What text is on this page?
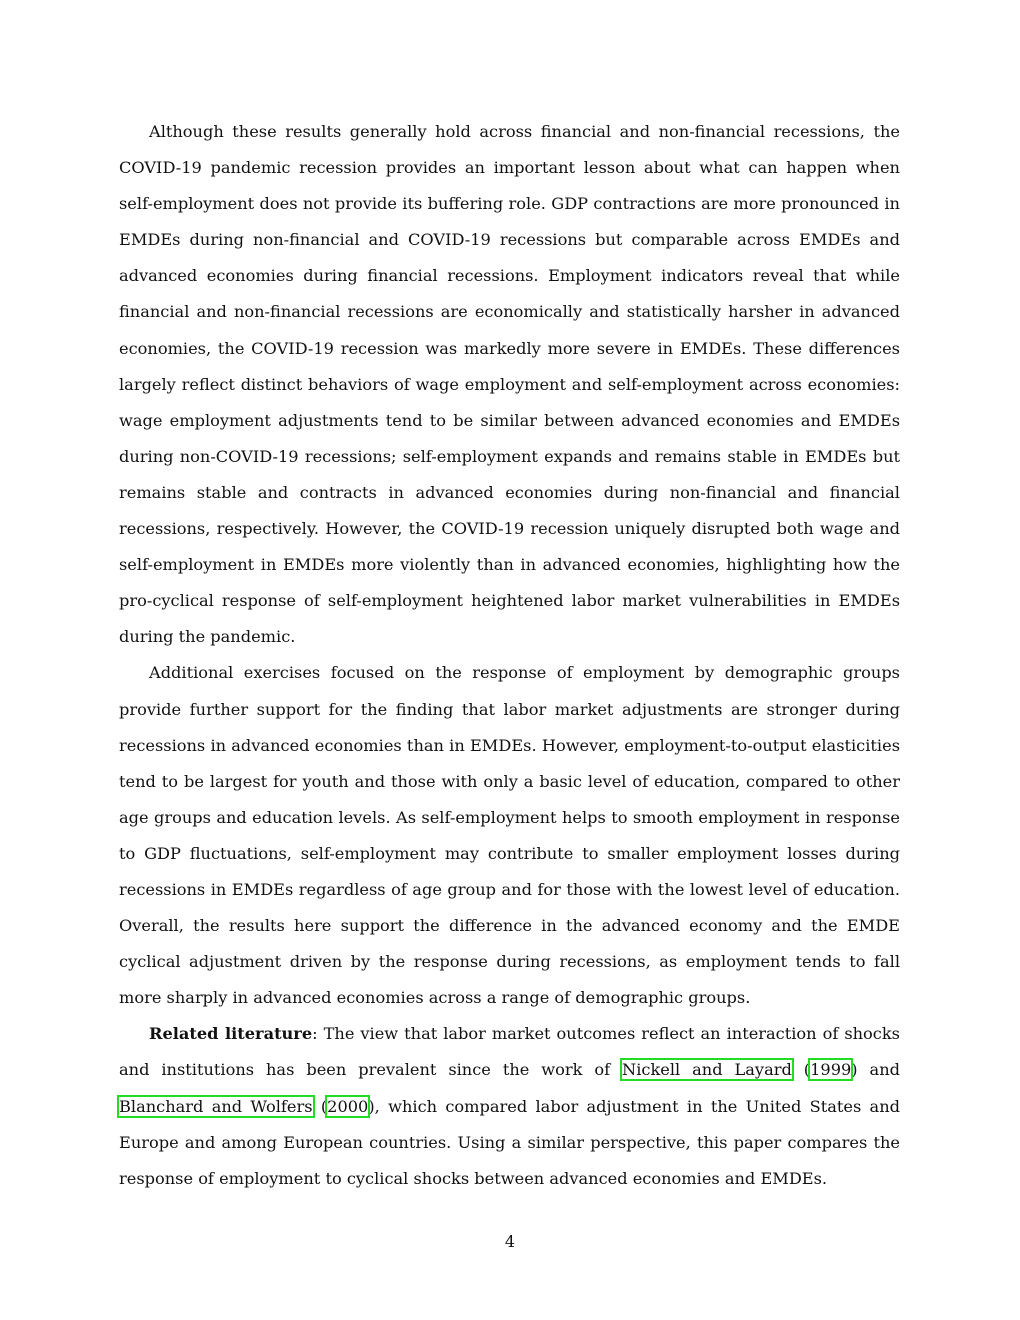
Although these results generally hold across financial and non-financial recessions, the COVID-19 pandemic recession provides an important lesson about what can happen when self-employment does not provide its buffering role. GDP contractions are more pronounced in EMDEs during non-financial and COVID-19 recessions but comparable across EMDEs and advanced economies during financial recessions. Employment indicators reveal that while financial and non-financial recessions are economically and statistically harsher in advanced economies, the COVID-19 recession was markedly more severe in EMDEs. These differences largely reflect distinct behaviors of wage employment and self-employment across economies: wage employment adjustments tend to be similar between advanced economies and EMDEs during non-COVID-19 recessions; self-employment expands and remains stable in EMDEs but remains stable and contracts in advanced economies during non-financial and financial recessions, respectively. However, the COVID-19 recession uniquely disrupted both wage and self-employment in EMDEs more violently than in advanced economies, highlighting how the pro-cyclical response of self-employment heightened labor market vulnerabilities in EMDEs during the pandemic.

Additional exercises focused on the response of employment by demographic groups provide further support for the finding that labor market adjustments are stronger during recessions in advanced economies than in EMDEs. However, employment-to-output elasticities tend to be largest for youth and those with only a basic level of education, compared to other age groups and education levels. As self-employment helps to smooth employment in response to GDP fluctuations, self-employment may contribute to smaller employment losses during recessions in EMDEs regardless of age group and for those with the lowest level of education. Overall, the results here support the difference in the advanced economy and the EMDE cyclical adjustment driven by the response during recessions, as employment tends to fall more sharply in advanced economies across a range of demographic groups.

Related literature: The view that labor market outcomes reflect an interaction of shocks and institutions has been prevalent since the work of Nickell and Layard (1999) and Blanchard and Wolfers (2000), which compared labor adjustment in the United States and Europe and among European countries. Using a similar perspective, this paper compares the response of employment to cyclical shocks between advanced economies and EMDEs.

4
